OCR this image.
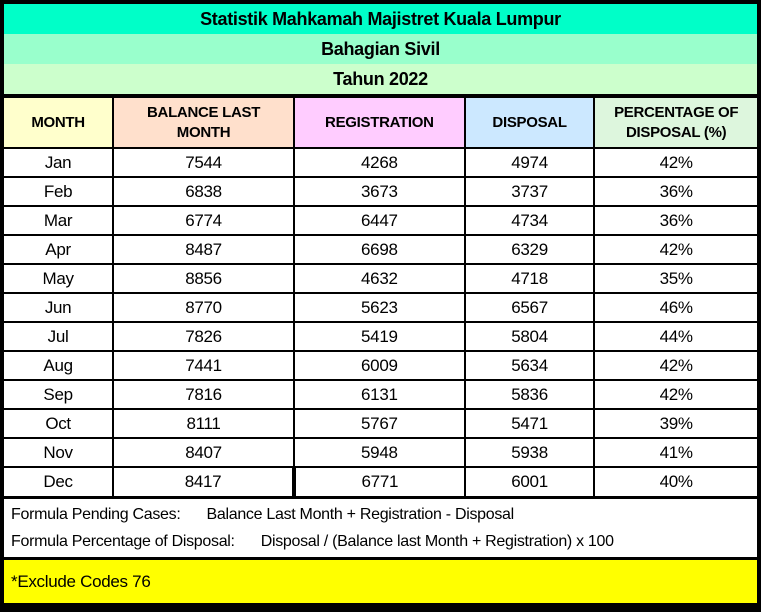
Statistik Mahkamah Majistret Kuala Lumpur
Bahagian Sivil
Tahun 2022
MONTH	BALANCE LAST MONTH	REGISTRATION	DISPOSAL	PERCENTAGE OF DISPOSAL (%)
Jan	7544	4268	4974	42%
Feb	6838	3673	3737	36%
Mar	6774	6447	4734	36%
Apr	8487	6698	6329	42%
May	8856	4632	4718	35%
Jun	8770	5623	6567	46%
Jul	7826	5419	5804	44%
Aug	7441	6009	5634	42%
Sep	7816	6131	5836	42%
Oct	8111	5767	5471	39%
Nov	8407	5948	5938	41%
Dec	8417	6771	6001	40%
Formula Pending Cases: Balance Last Month + Registration - Disposal
Formula Percentage of Disposal: Disposal / (Balance last Month + Registration) x 100
*Exclude Codes 76
